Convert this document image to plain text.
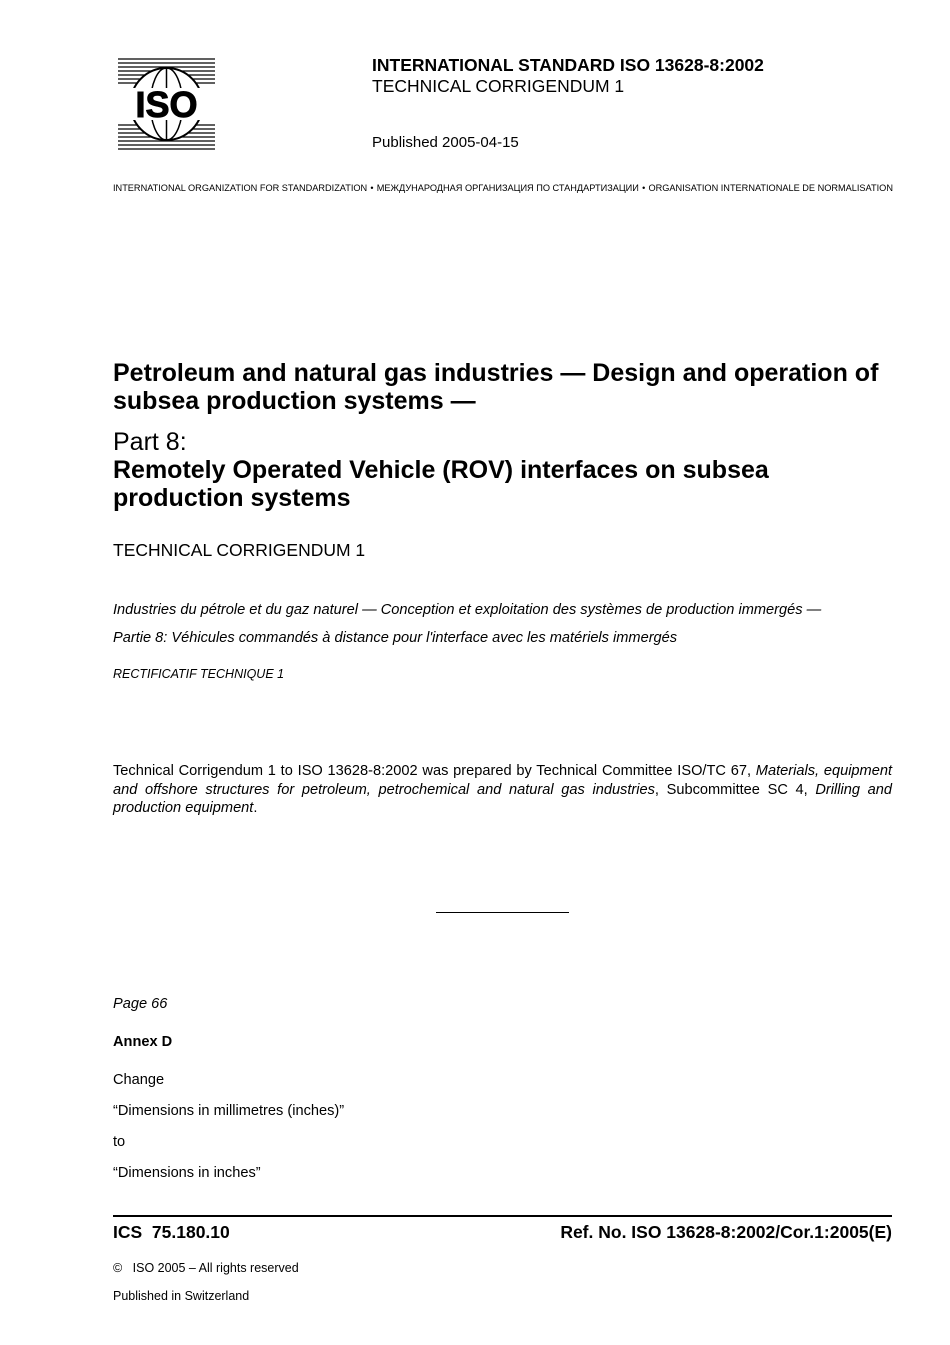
ISO
INTERNATIONAL STANDARD ISO 13628-8:2002
TECHNICAL CORRIGENDUM 1
Published 2005-04-15
INTERNATIONAL ORGANIZATION FOR STANDARDIZATION • МЕЖДУНАРОДНАЯ ОРГАНИЗАЦИЯ ПО СТАНДАРТИЗАЦИИ • ORGANISATION INTERNATIONALE DE NORMALISATION
Petroleum and natural gas industries — Design and operation of subsea production systems —
Part 8:
Remotely Operated Vehicle (ROV) interfaces on subsea production systems
TECHNICAL CORRIGENDUM 1
Industries du pétrole et du gaz naturel — Conception et exploitation des systèmes de production immergés —
Partie 8: Véhicules commandés à distance pour l'interface avec les matériels immergés
RECTIFICATIF TECHNIQUE 1
Technical Corrigendum 1 to ISO 13628-8:2002 was prepared by Technical Committee ISO/TC 67, Materials, equipment and offshore structures for petroleum, petrochemical and natural gas industries, Subcommittee SC 4, Drilling and production equipment.
Page 66
Annex D
Change
“Dimensions in millimetres (inches)”
to
“Dimensions in inches”
ICS  75.180.10	Ref. No. ISO 13628-8:2002/Cor.1:2005(E)
©   ISO 2005 – All rights reserved
Published in Switzerland
